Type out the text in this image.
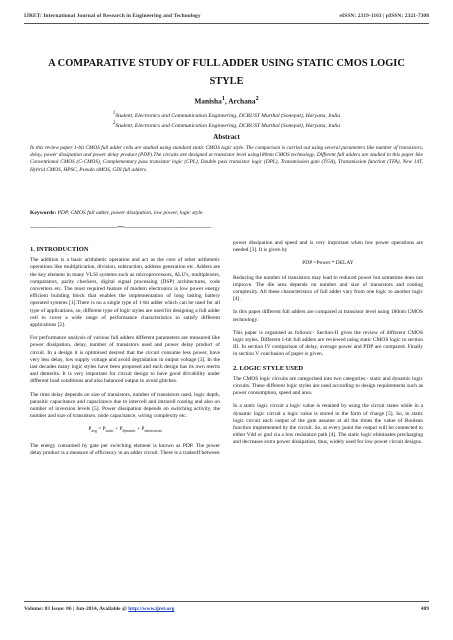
IJRET: International Journal of Research in Engineering and Technology	eISSN: 2319-1163 | pISSN: 2321-7308
A COMPARATIVE STUDY OF FULL ADDER USING STATIC CMOS LOGIC STYLE
Manisha$^1$, Archana$^2$
$^1$Student, Electronics and Communication Engineering, DCRUST Murthal (Sonepat), Haryana, India
$^2$Student, Electronics and Communication Engineering, DCRUST Murthal (Sonepat), Haryana, India
Abstract
In this review paper 1-bit CMOS full adder cells are studied using standard static CMOS logic style. The comparison is carried out using several parameters like number of transistors, delay, power dissipation and power delay product (PDP).The circuits are designed at transistor level using180nm CMOS technology. Different full adders are studied in this paper like Conventional CMOS (C-CMOS), Complementary pass transistor logic (CPL), Double pass transistor logic (DPL), Transmission gate (TGA), Transmission function (TFA), New 14T, Hybrid CMOS, HPSC, Pseudo nMOS, GDI full adders.
Keywords: PDP, CMOS full adder, power dissipation, low power, logic style.
---------------------------------------------------------------------***---------------------------------------------------------------------
1. INTRODUCTION

The addition is a basic arithmetic operation and act as the core of other arithmetic operations like multiplication, division, subtraction, address generation etc. Adders are the key element in many VLSI systems such as microprocessors, ALU's, multiplexers, comparators, parity checkers, digital signal processing (DSP) architectures, code converters etc. The most required feature of modern electronics is low power energy efficient building block that enables the implementation of long lasting battery operated systems [1].There is no a single type of 1-bit adder which can be used for all type of applications, so, different type of logic styles are used for designing a full adder cell to cover a wide range of performance characteristics to satisfy different applications [2].

For performance analysis of various full adders different parameters are measured like power dissipation, delay, number of transistors used and power delay product of circuit. In a design it is optimised desired that the circuit consume less power, have very less delay, low supply voltage and avoid degradation in output voltage [3]. In the last decades many logic styles have been proposed and each design has its own merits and demerits. It is very important for circuit design to have good drivability under different load conditions and also balanced output to avoid glitches.

The time delay depends on size of transistors, number of transistors used, logic depth, parasitic capacitance and capacitance due to intercell and intracell routing and also on number of inversion levels [5]. Power dissipation depends on switching activity, the number and size of transistors, node capacitance, wiring complexity etc.

$P_{avg} = P_{static} + P_{dynamic} + P_{shortcircuit}$

The energy consumed by gate per switching element is known as PDP. The power delay product is a measure of efficiency in an adder circuit. There is a tradeoff between

power dissipation and speed and is very important when low power operations are needed [3]. It is given by

PDP =Power * DELAY

Reducing the number of transistors may lead to reduced power but sometime does not improve. The die area depends on number and size of transistors and routing complexity. All these characteristics of full adder vary from one logic to another logic [4].

In this paper different full adders are compared at transistor level using 180nm CMOS technology.

This paper is organised as follows:- Section-II gives the review of different CMOS logic styles. Different 1-bit full adders are reviewed using static CMOS logic in section III. In section IV comparison of delay, average power and PDP are compared. Finally in section V conclusion of paper is given.

2. LOGIC STYLE USED

The CMOS logic circuits are categorised into two categories:- static and dynamic logic circuits. These different logic styles are used according to design requirements such as power consumption, speed and area.

In a static logic circuit a logic value is retained by using the circuit states while in a dynamic logic circuit a logic value is stored in the form of charge [5]. So, in static logic circuit each output of the gate assume at all the times the value of Boolean function implemented by the circuit. So, at every point the output will be connected to either Vdd or gnd via a low resistance path [4]. The static logic eliminates precharging and decreases extra power dissipation, thus, widely used for low power circuit designs.

Volume: 03 Issue: 06 | Jun-2014, Available @ http://www.ijret.org	489
